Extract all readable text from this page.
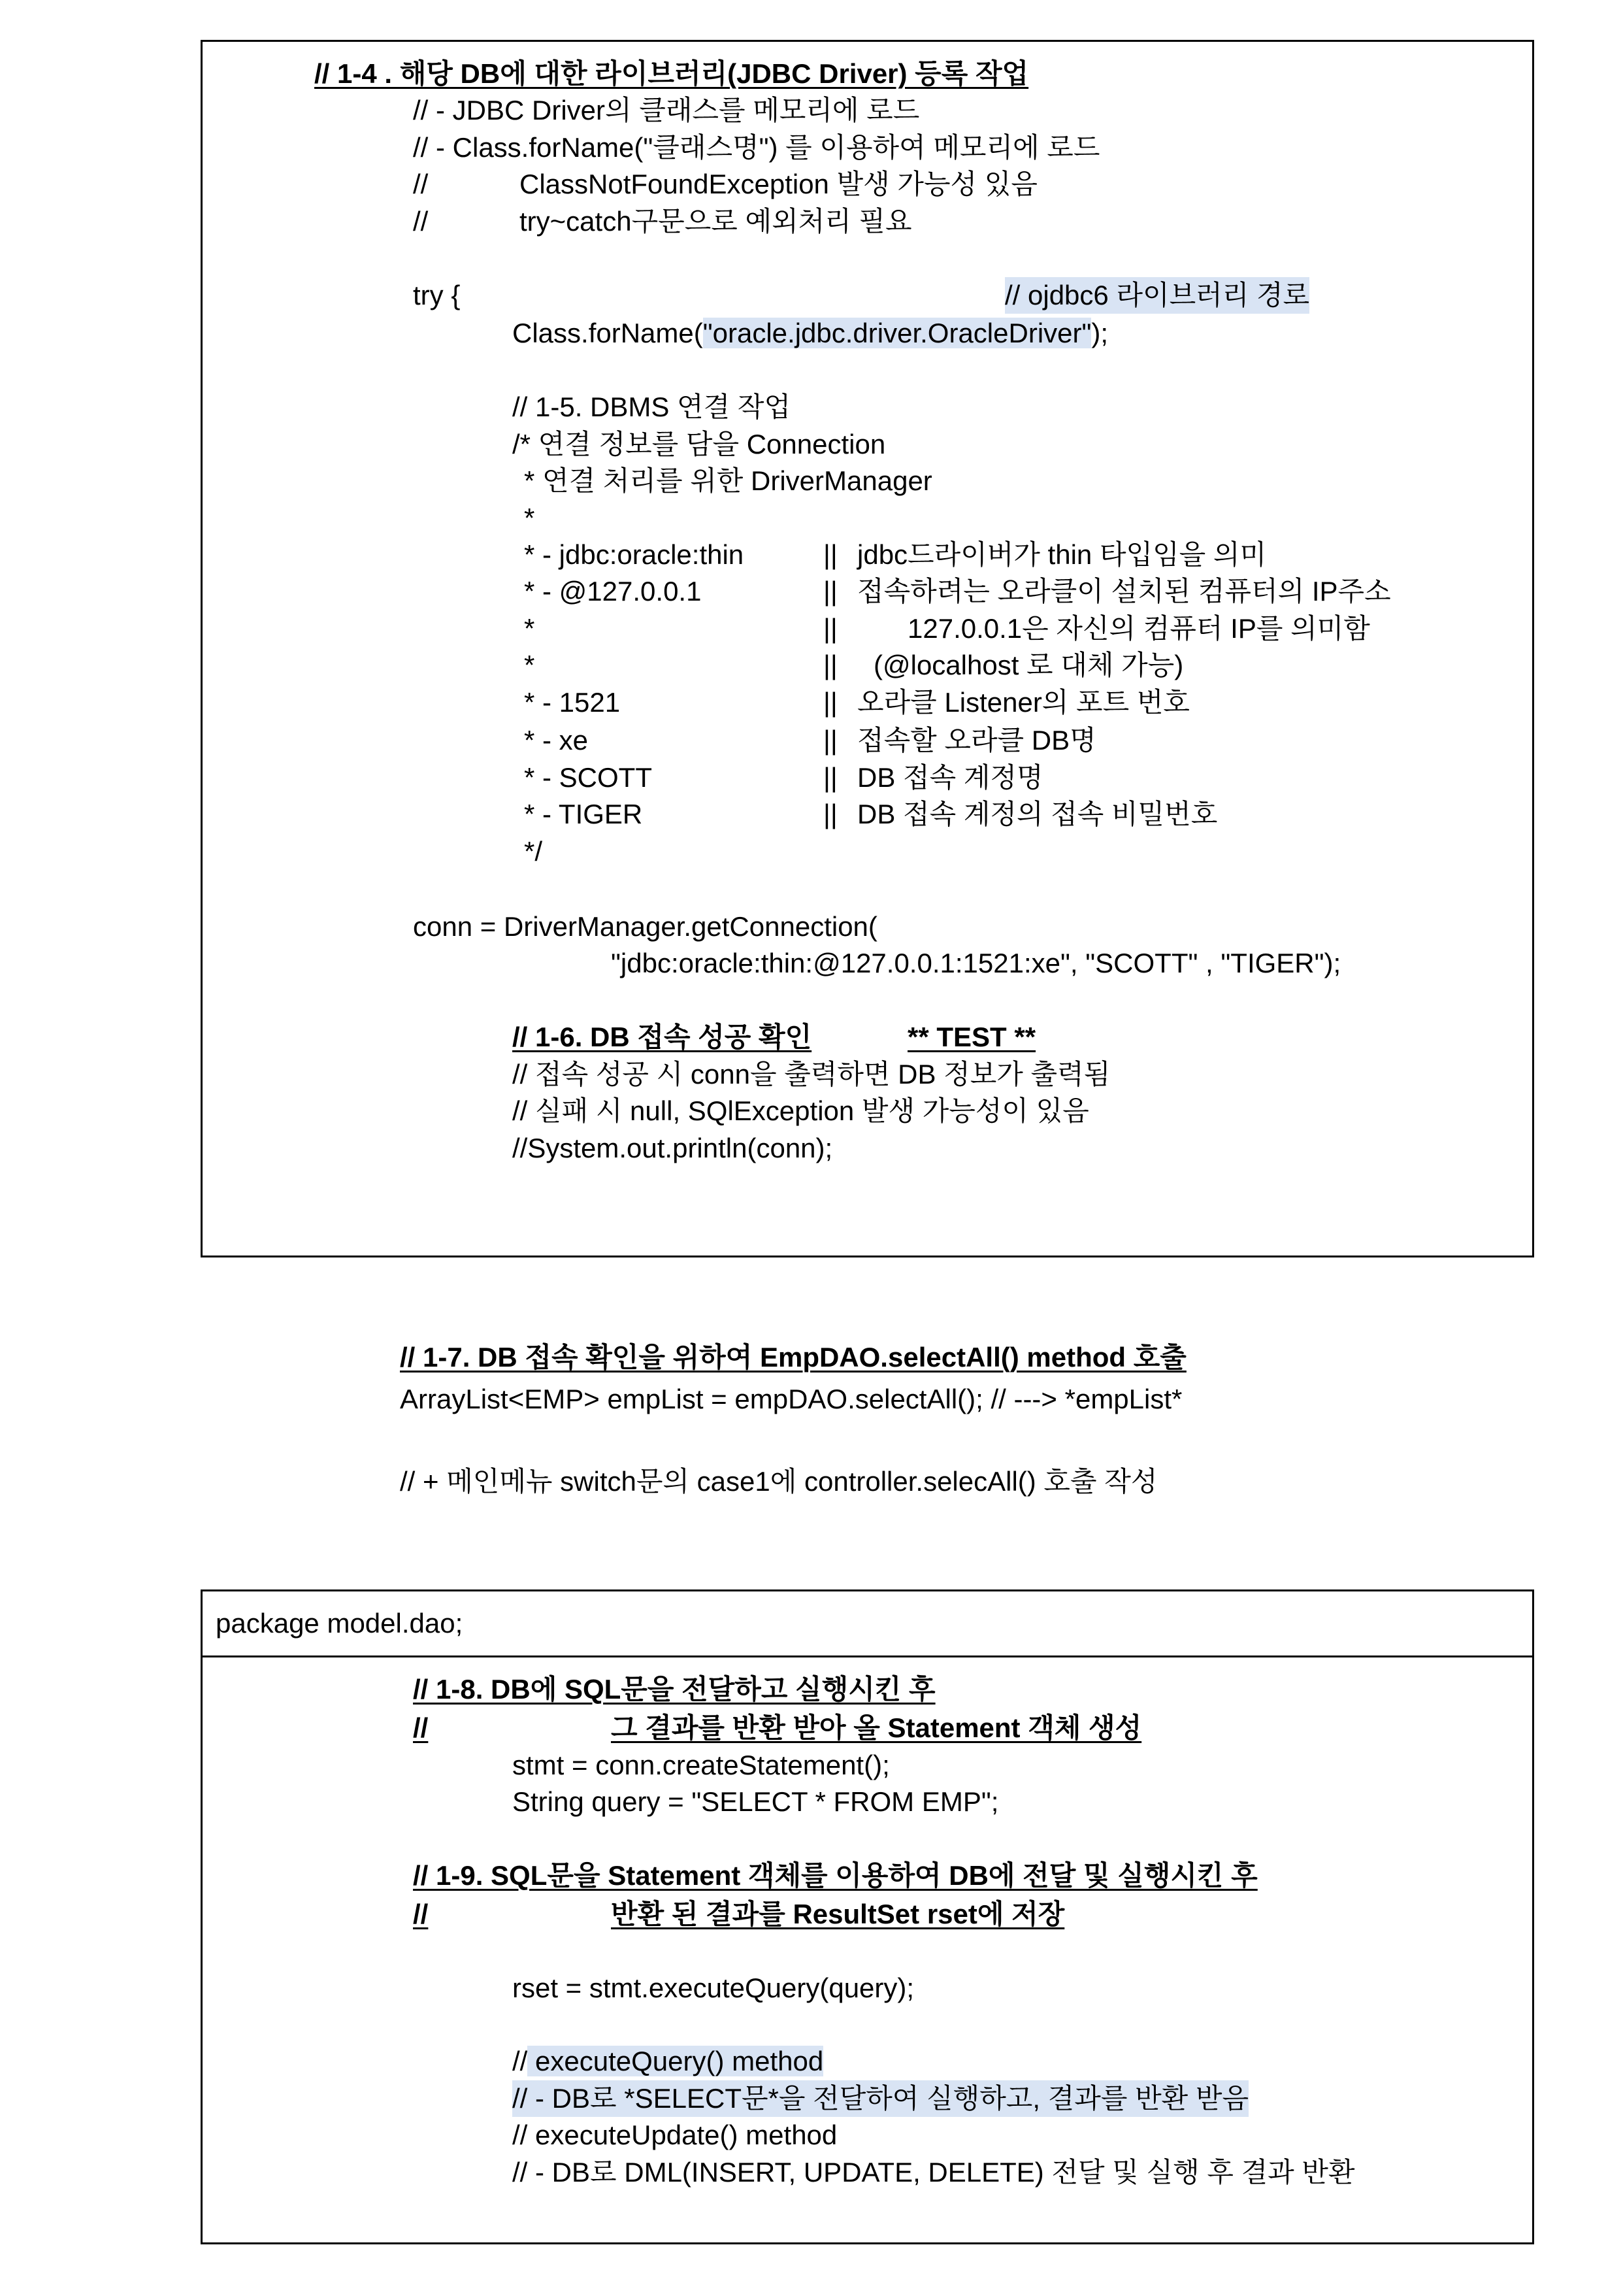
// 1-4 . 해당 DB에 대한 라이브러리(JDBC Driver) 등록 작업
// - JDBC Driver의 클래스를 메모리에 로드
// - Class.forName("클래스명") 를 이용하여 메모리에 로드
//	ClassNotFoundException 발생 가능성 있음
//	try~catch구문으로 예외처리 필요
try {	// ojdbc6 라이브러리 경로
Class.forName("oracle.jdbc.driver.OracleDriver");
// 1-5. DBMS 연결 작업
/* 연결 정보를 담을 Connection
* 연결 처리를 위한 DriverManager
*
* - jdbc:oracle:thin	|| jdbc드라이버가 thin 타입임을 의미
* - @127.0.0.1	|| 접속하려는 오라클이 설치된 컴퓨터의 IP주소
*	||	127.0.0.1은 자신의 컴퓨터 IP를 의미함
*	|| (@localhost 로 대체 가능)
* - 1521	|| 오라클 Listener의 포트 번호
* - xe	|| 접속할 오라클 DB명
* - SCOTT	|| DB 접속 계정명
* - TIGER	|| DB 접속 계정의 접속 비밀번호
*/
conn = DriverManager.getConnection(
"jdbc:oracle:thin:@127.0.0.1:1521:xe", "SCOTT" , "TIGER");
// 1-6. DB 접속 성공 확인	** TEST **
// 접속 성공 시 conn을 출력하면 DB 정보가 출력됨
// 실패 시 null, SQlException 발생 가능성이 있음
//System.out.println(conn);
// 1-7. DB 접속 확인을 위하여 EmpDAO.selectAll() method 호출
ArrayList<EMP> empList = empDAO.selectAll(); // ---> *empList*
// + 메인메뉴 switch문의 case1에 controller.selecAll() 호출 작성
package model.dao;
// 1-8. DB에 SQL문을 전달하고 실행시킨 후
//	그 결과를 반환 받아 올 Statement 객체 생성
stmt = conn.createStatement();
String query = "SELECT * FROM EMP";
// 1-9. SQL문을 Statement 객체를 이용하여 DB에 전달 및 실행시킨 후
//	반환 된 결과를 ResultSet rset에 저장
rset = stmt.executeQuery(query);
// executeQuery() method
// - DB로 *SELECT문*을 전달하여 실행하고, 결과를 반환 받음
// executeUpdate() method
// - DB로 DML(INSERT, UPDATE, DELETE) 전달 및 실행 후 결과 반환
